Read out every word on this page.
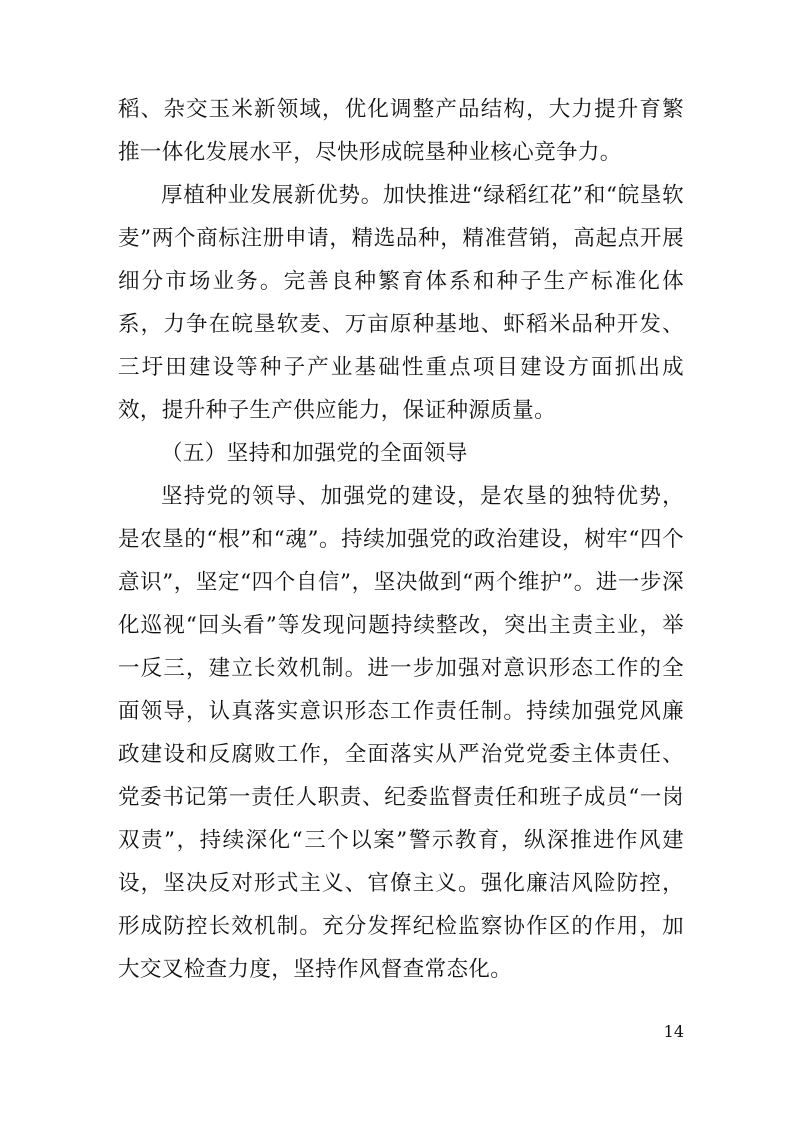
稻、杂交玉米新领域，优化调整产品结构，大力提升育繁推一体化发展水平，尽快形成皖垦种业核心竞争力。

厚植种业发展新优势。加快推进“绿稻红花”和“皖垦软麦”两个商标注册申请，精选品种，精准营销，高起点开展细分市场业务。完善良种繁育体系和种子生产标准化体系，力争在皖垦软麦、万亩原种基地、虾稻米品种开发、三圩田建设等种子产业基础性重点项目建设方面抓出成效，提升种子生产供应能力，保证种源质量。

（五）坚持和加强党的全面领导

坚持党的领导、加强党的建设，是农垦的独特优势，是农垦的“根”和“魂”。持续加强党的政治建设，树牢“四个意识”，坚定“四个自信”，坚决做到“两个维护”。进一步深化巡视“回头看”等发现问题持续整改，突出主责主业，举一反三，建立长效机制。进一步加强对意识形态工作的全面领导，认真落实意识形态工作责任制。持续加强党风廉政建设和反腐败工作，全面落实从严治党党委主体责任、党委书记第一责任人职责、纪委监督责任和班子成员“一岗双责”，持续深化“三个以案”警示教育，纵深推进作风建设，坚决反对形式主义、官僚主义。强化廉洁风险防控，形成防控长效机制。充分发挥纪检监察协作区的作用，加大交叉检查力度，坚持作风督查常态化。

14
